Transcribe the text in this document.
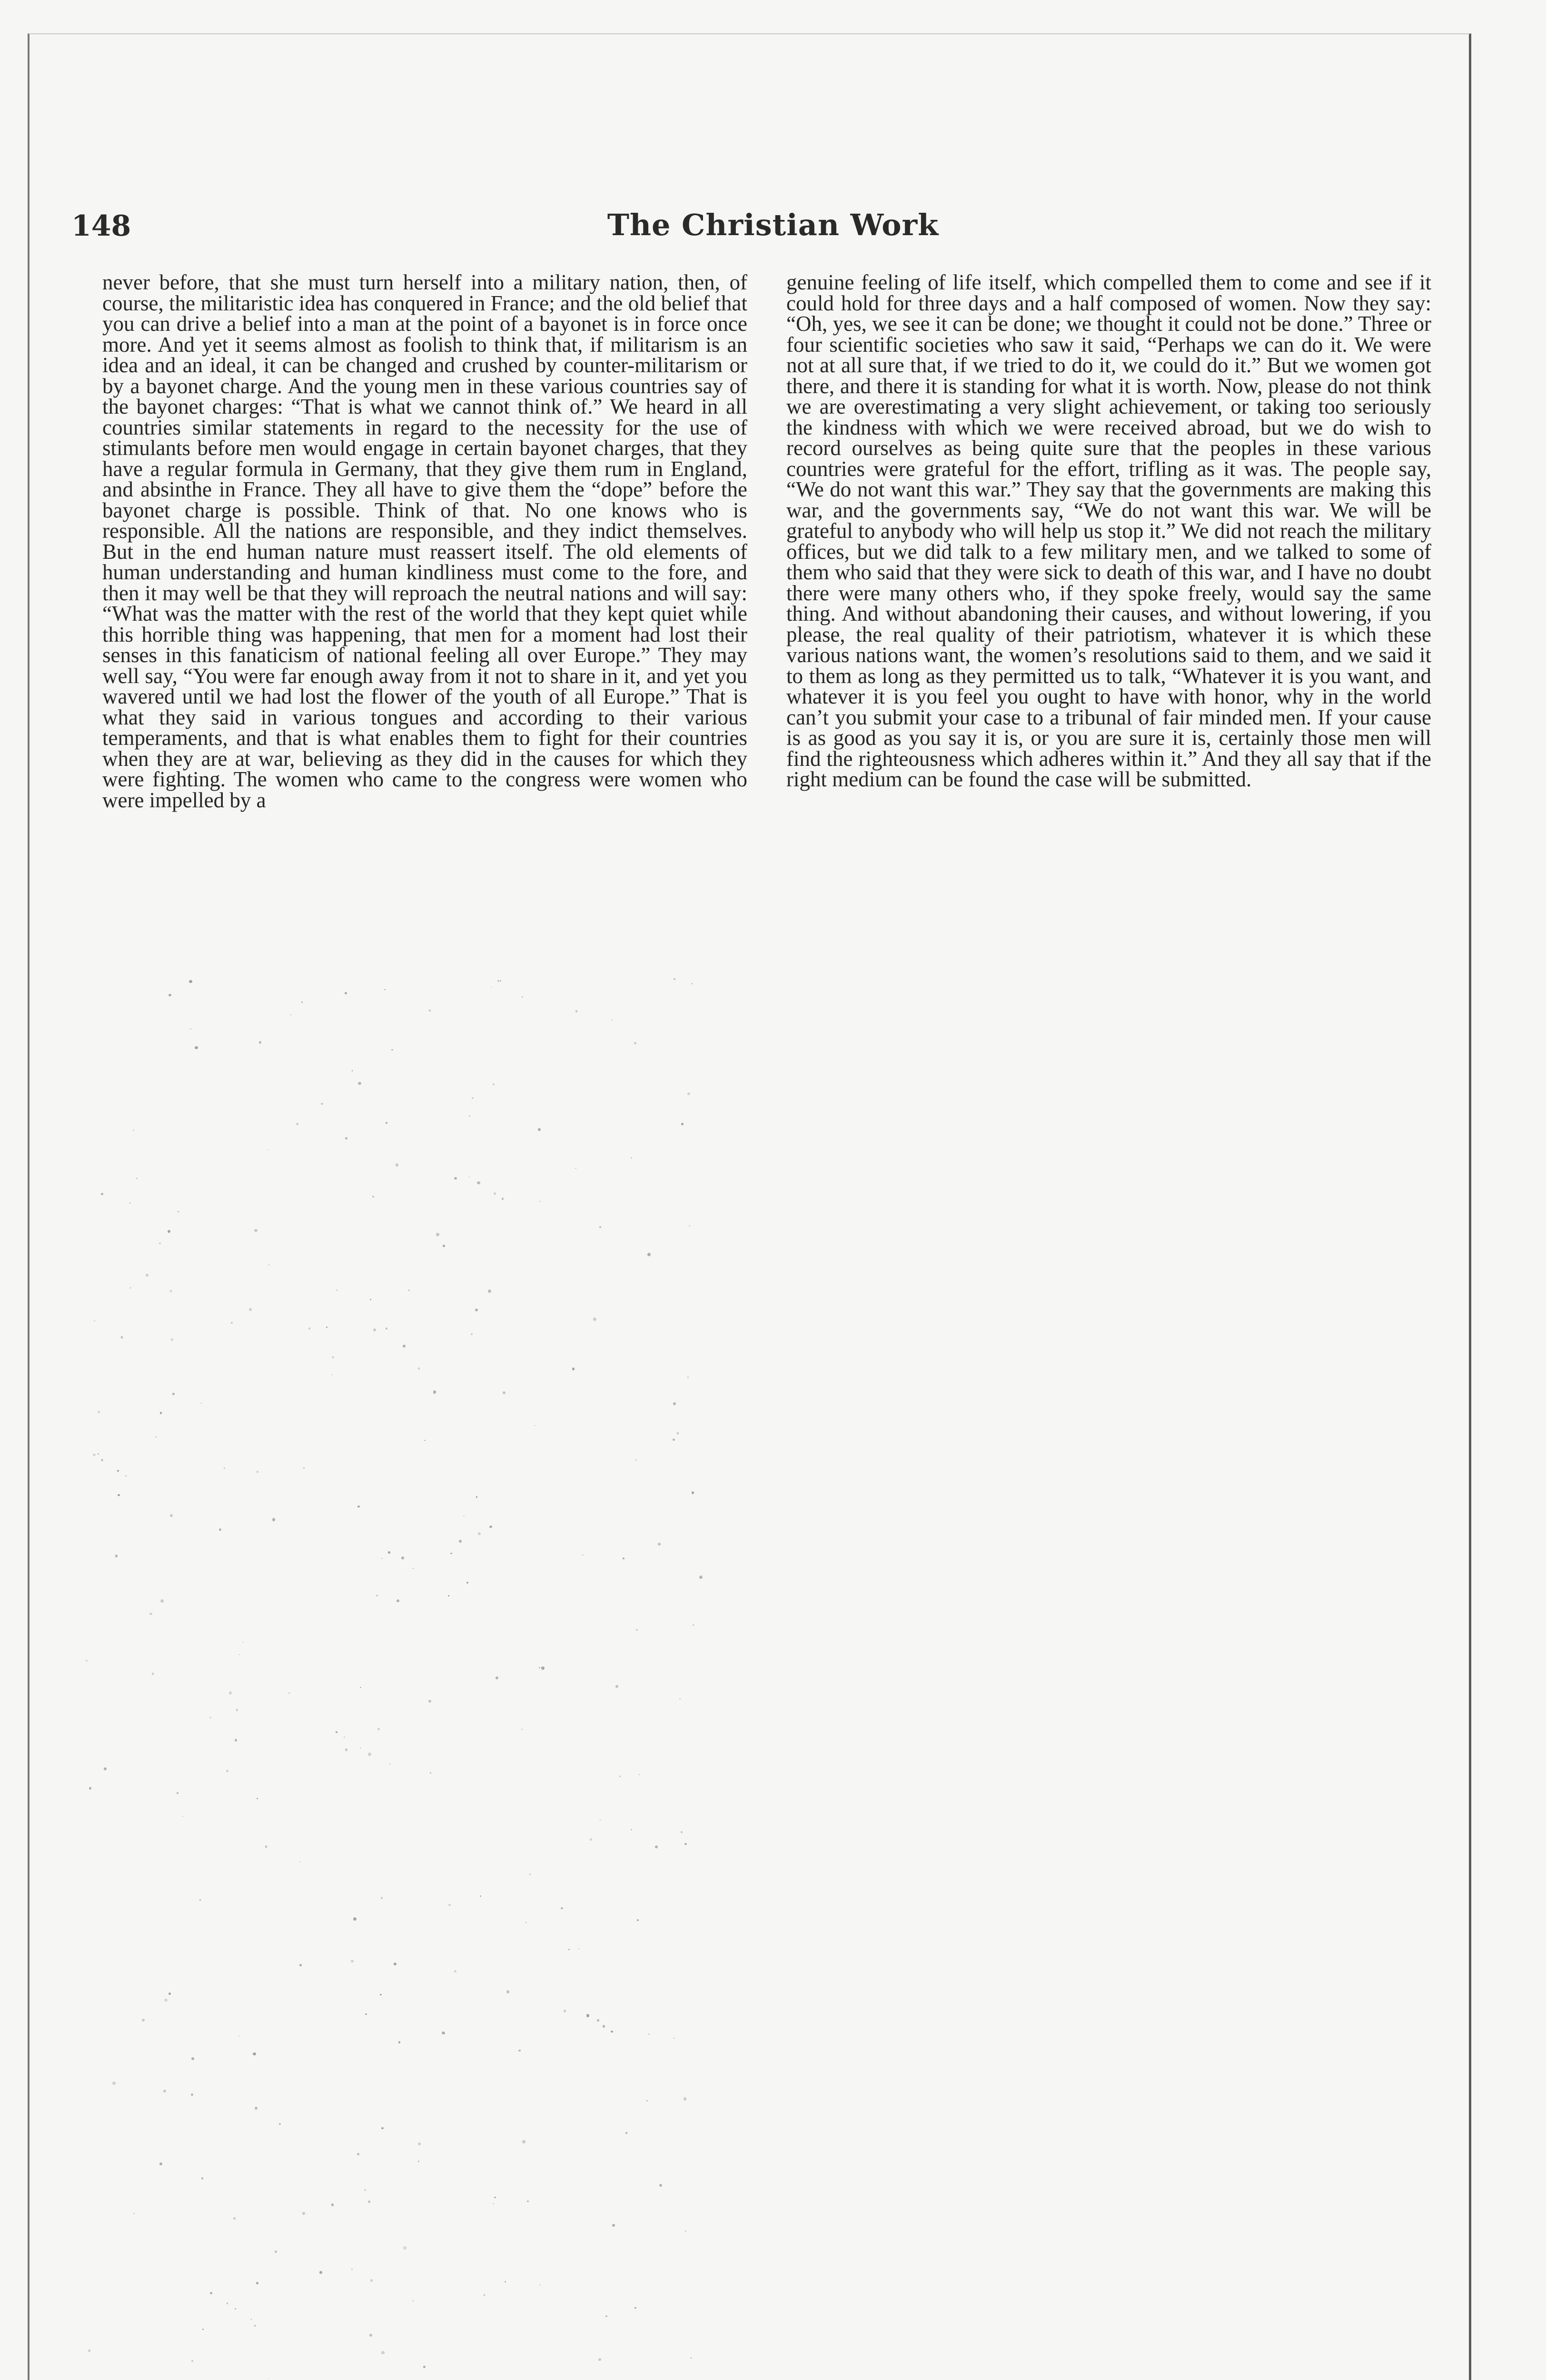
148	The Christian Work
never before, that she must turn herself into a military nation, then, of course, the militaristic idea has conquered in France; and the old belief that you can drive a belief into a man at the point of a bayonet is in force once more. And yet it seems almost as foolish to think that, if militarism is an idea and an ideal, it can be changed and crushed by counter-militarism or by a bayonet charge. And the young men in these various countries say of the bayonet charges: “That is what we cannot think of.” We heard in all countries similar statements in regard to the necessity for the use of stimulants before men would engage in certain bayonet charges, that they have a regular formula in Germany, that they give them rum in England, and absinthe in France. They all have to give them the “dope” before the bayonet charge is possible. Think of that. No one knows who is responsible. All the nations are responsible, and they indict themselves. But in the end human nature must reassert itself. The old elements of human understanding and human kindliness must come to the fore, and then it may well be that they will reproach the neutral nations and will say: “What was the matter with the rest of the world that they kept quiet while this horrible thing was happening, that men for a moment had lost their senses in this fanaticism of national feeling all over Europe.” They may well say, “You were far enough away from it not to share in it, and yet you wavered until we had lost the flower of the youth of all Europe.” That is what they said in various tongues and according to their various temperaments, and that is what enables them to fight for their countries when they are at war, believing as they did in the causes for which they were fighting. The women who came to the congress were women who were impelled by a
genuine feeling of life itself, which compelled them to come and see if it could hold for three days and a half composed of women. Now they say: “Oh, yes, we see it can be done; we thought it could not be done.” Three or four scientific societies who saw it said, “Perhaps we can do it. We were not at all sure that, if we tried to do it, we could do it.” But we women got there, and there it is standing for what it is worth. Now, please do not think we are overestimating a very slight achievement, or taking too seriously the kindness with which we were received abroad, but we do wish to record ourselves as being quite sure that the peoples in these various countries were grateful for the effort, trifling as it was. The people say, “We do not want this war.” They say that the governments are making this war, and the governments say, “We do not want this war. We will be grateful to anybody who will help us stop it.” We did not reach the military offices, but we did talk to a few military men, and we talked to some of them who said that they were sick to death of this war, and I have no doubt there were many others who, if they spoke freely, would say the same thing. And without abandoning their causes, and without lowering, if you please, the real quality of their patriotism, whatever it is which these various nations want, the women’s resolutions said to them, and we said it to them as long as they permitted us to talk, “Whatever it is you want, and whatever it is you feel you ought to have with honor, why in the world can’t you submit your case to a tribunal of fair minded men. If your cause is as good as you say it is, or you are sure it is, certainly those men will find the righteousness which adheres within it.” And they all say that if the right medium can be found the case will be submitted.
